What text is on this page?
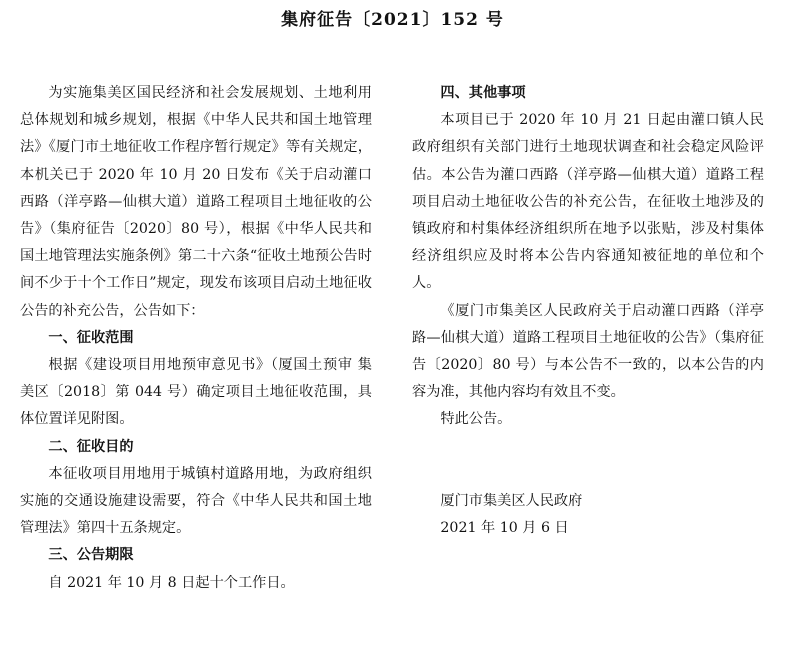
集府征告〔2021〕152 号

为实施集美区国民经济和社会发展规划、土地利用总体规划和城乡规划，根据《中华人民共和国土地管理法》《厦门市土地征收工作程序暂行规定》等有关规定，本机关已于 2020 年 10 月 20 日发布《关于启动灌口西路（洋亭路—仙棋大道）道路工程项目土地征收的公告》（集府征告〔2020〕80 号），根据《中华人民共和国土地管理法实施条例》第二十六条“征收土地预公告时间不少于十个工作日”规定，现发布该项目启动土地征收公告的补充公告，公告如下：

一、征收范围

根据《建设项目用地预审意见书》（厦国土预审 集美区〔2018〕第 044 号）确定项目土地征收范围，具体位置详见附图。

二、征收目的

本征收项目用地用于城镇村道路用地，为政府组织实施的交通设施建设需要，符合《中华人民共和国土地管理法》第四十五条规定。

三、公告期限

自 2021 年 10 月 8 日起十个工作日。

四、其他事项

本项目已于 2020 年 10 月 21 日起由灌口镇人民政府组织有关部门进行土地现状调查和社会稳定风险评估。本公告为灌口西路（洋亭路—仙棋大道）道路工程项目启动土地征收公告的补充公告，在征收土地涉及的镇政府和村集体经济组织所在地予以张贴，涉及村集体经济组织应及时将本公告内容通知被征地的单位和个人。

《厦门市集美区人民政府关于启动灌口西路（洋亭路—仙棋大道）道路工程项目土地征收的公告》（集府征告〔2020〕80 号）与本公告不一致的，以本公告的内容为准，其他内容均有效且不变。

特此公告。

厦门市集美区人民政府

2021 年 10 月 6 日
